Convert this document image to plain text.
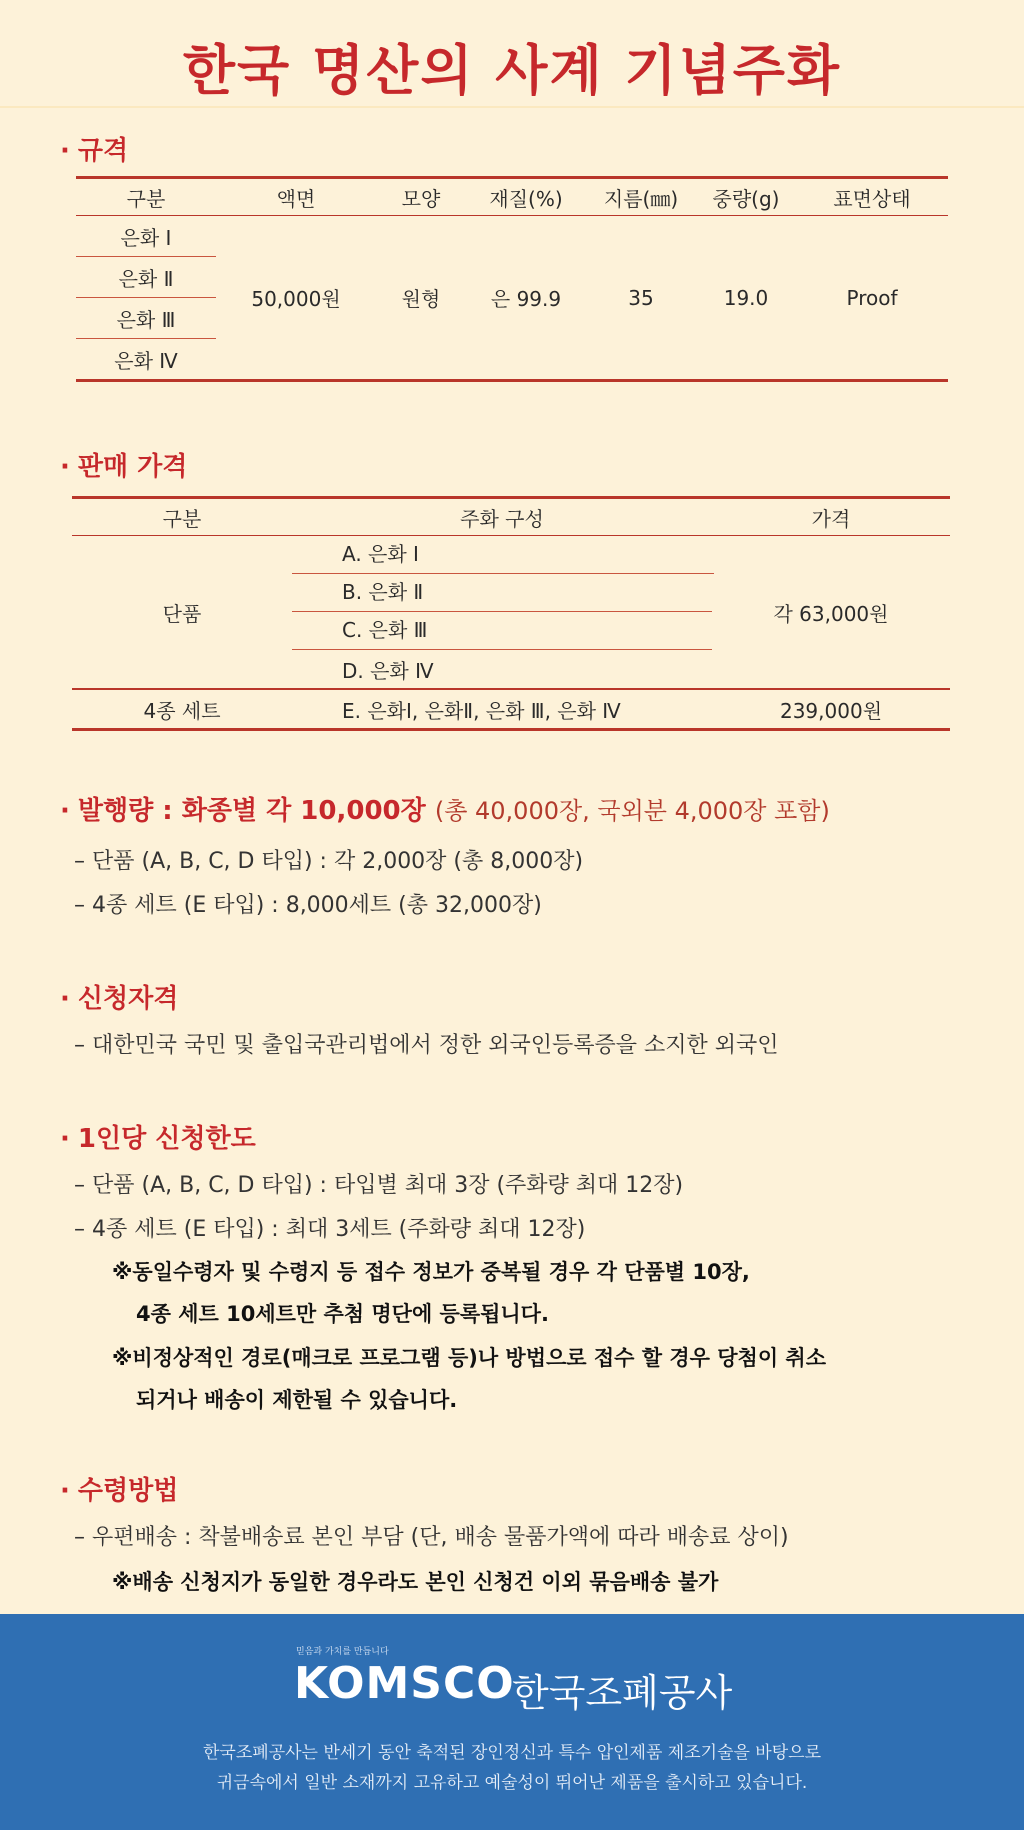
한국 명산의 사계 기념주화
· 규격
구분	액면	모양	재질(%)	지름(㎜)	중량(g)	표면상태
은화 Ⅰ	50,000원	원형	은 99.9	35	19.0	Proof
은화 Ⅱ						
은화 Ⅲ						
은화 Ⅳ						
· 판매 가격
구분	주화 구성	가격
단품	A. 은화 Ⅰ	각 63,000원

	B. 은화 Ⅱ	

	C. 은화 Ⅲ	

	D. 은화 Ⅳ	
4종 세트	E. 은화Ⅰ, 은화Ⅱ, 은화 Ⅲ, 은화 Ⅳ	239,000원
· 발행량 : 화종별 각 10,000장 (총 40,000장, 국외분 4,000장 포함)

– 단품 (A, B, C, D 타입) : 각 2,000장 (총 8,000장)

– 4종 세트 (E 타입) : 8,000세트 (총 32,000장)

· 신청자격

– 대한민국 국민 및 출입국관리법에서 정한 외국인등록증을 소지한 외국인

· 1인당 신청한도

– 단품 (A, B, C, D 타입) : 타입별 최대 3장 (주화량 최대 12장)

– 4종 세트 (E 타입) : 최대 3세트 (주화량 최대 12장)

※동일수령자 및 수령지 등 접수 정보가 중복될 경우 각 단품별 10장,

4종 세트 10세트만 추첨 명단에 등록됩니다.

※비정상적인 경로(매크로 프로그램 등)나 방법으로 접수 할 경우 당첨이 취소

되거나 배송이 제한될 수 있습니다.

· 수령방법

– 우편배송 : 착불배송료 본인 부담 (단, 배송 물품가액에 따라 배송료 상이)

※배송 신청지가 동일한 경우라도 본인 신청건 이외 묶음배송 불가

믿음과 가치를 만듭니다
KOMSCO
한국조폐공사
한국조폐공사는 반세기 동안 축적된 장인정신과 특수 압인제품 제조기술을 바탕으로
귀금속에서 일반 소재까지 고유하고 예술성이 뛰어난 제품을 출시하고 있습니다.
